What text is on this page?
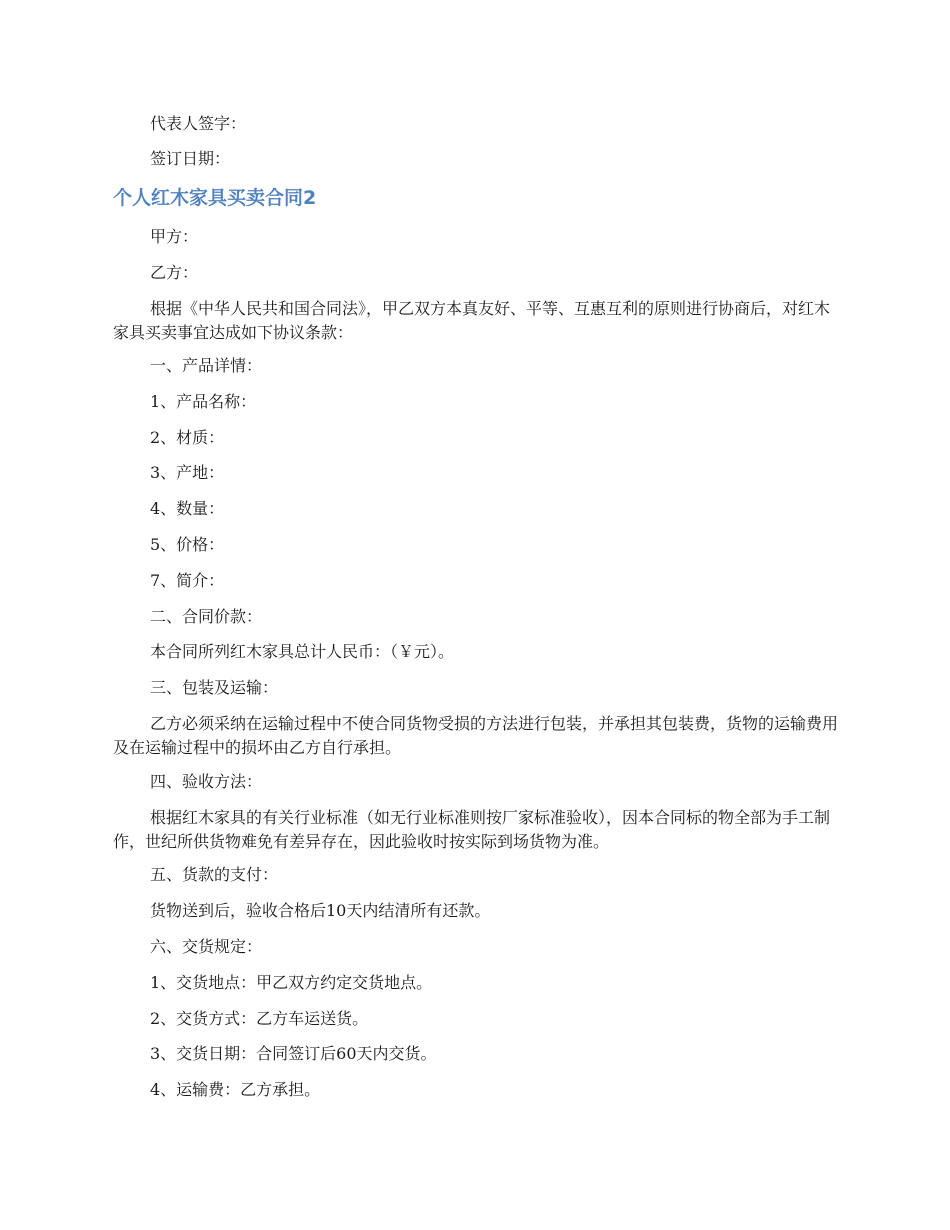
代表人签字：

签订日期：

个人红木家具买卖合同2

甲方：

乙方：

根据《中华人民共和国合同法》，甲乙双方本真友好、平等、互惠互利的原则进行协商后，对红木家具买卖事宜达成如下协议条款：

一、产品详情：

1、产品名称：

2、材质：

3、产地：

4、数量：

5、价格：

7、简介：

二、合同价款：

本合同所列红木家具总计人民币：（￥元）。

三、包装及运输：

乙方必须采纳在运输过程中不使合同货物受损的方法进行包装，并承担其包装费，货物的运输费用及在运输过程中的损坏由乙方自行承担。

四、验收方法：

根据红木家具的有关行业标准（如无行业标准则按厂家标准验收），因本合同标的物全部为手工制作，世纪所供货物难免有差异存在，因此验收时按实际到场货物为准。

五、货款的支付：

货物送到后，验收合格后10天内结清所有还款。

六、交货规定：

1、交货地点：甲乙双方约定交货地点。

2、交货方式：乙方车运送货。

3、交货日期：合同签订后60天内交货。

4、运输费：乙方承担。
